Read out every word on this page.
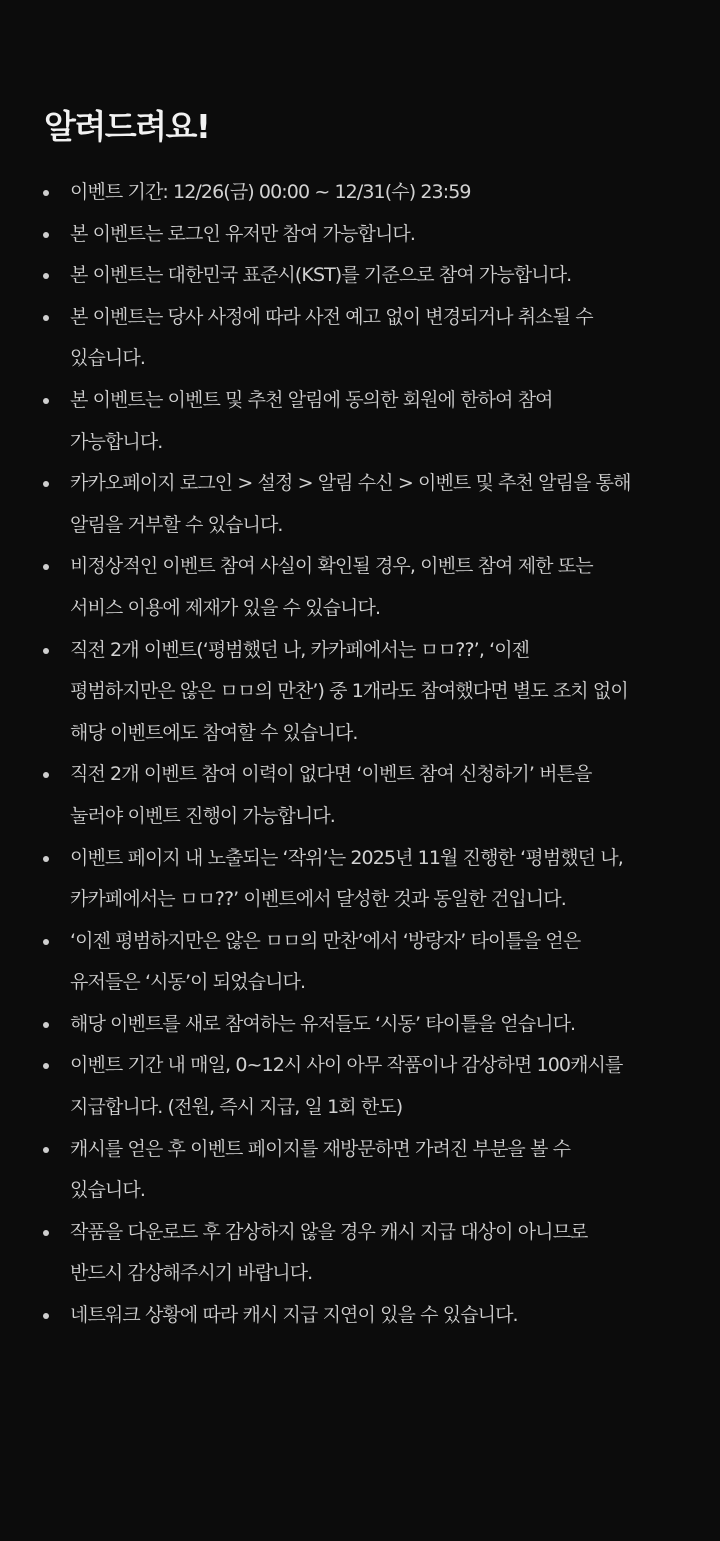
알려드려요!
이벤트 기간: 12/26(금) 00:00 ~ 12/31(수) 23:59
본 이벤트는 로그인 유저만 참여 가능합니다.
본 이벤트는 대한민국 표준시(KST)를 기준으로 참여 가능합니다.
본 이벤트는 당사 사정에 따라 사전 예고 없이 변경되거나 취소될 수
있습니다.
본 이벤트는 이벤트 및 추천 알림에 동의한 회원에 한하여 참여
가능합니다.
카카오페이지 로그인 > 설정 > 알림 수신 > 이벤트 및 추천 알림을 통해
알림을 거부할 수 있습니다.
비정상적인 이벤트 참여 사실이 확인될 경우, 이벤트 참여 제한 또는
서비스 이용에 제재가 있을 수 있습니다.
직전 2개 이벤트(‘평범했던 나, 카카페에서는 ㅁㅁ??’, ‘이젠
평범하지만은 않은 ㅁㅁ의 만찬’) 중 1개라도 참여했다면 별도 조치 없이
해당 이벤트에도 참여할 수 있습니다.
직전 2개 이벤트 참여 이력이 없다면 ‘이벤트 참여 신청하기’ 버튼을
눌러야 이벤트 진행이 가능합니다.
이벤트 페이지 내 노출되는 ‘작위’는 2025년 11월 진행한 ‘평범했던 나,
카카페에서는 ㅁㅁ??’ 이벤트에서 달성한 것과 동일한 건입니다.
‘이젠 평범하지만은 않은 ㅁㅁ의 만찬’에서 ‘방랑자’ 타이틀을 얻은
유저들은 ‘시동’이 되었습니다.
해당 이벤트를 새로 참여하는 유저들도 ‘시동’ 타이틀을 얻습니다.
이벤트 기간 내 매일, 0~12시 사이 아무 작품이나 감상하면 100캐시를
지급합니다. (전원, 즉시 지급, 일 1회 한도)
캐시를 얻은 후 이벤트 페이지를 재방문하면 가려진 부분을 볼 수
있습니다.
작품을 다운로드 후 감상하지 않을 경우 캐시 지급 대상이 아니므로
반드시 감상해주시기 바랍니다.
네트워크 상황에 따라 캐시 지급 지연이 있을 수 있습니다.
